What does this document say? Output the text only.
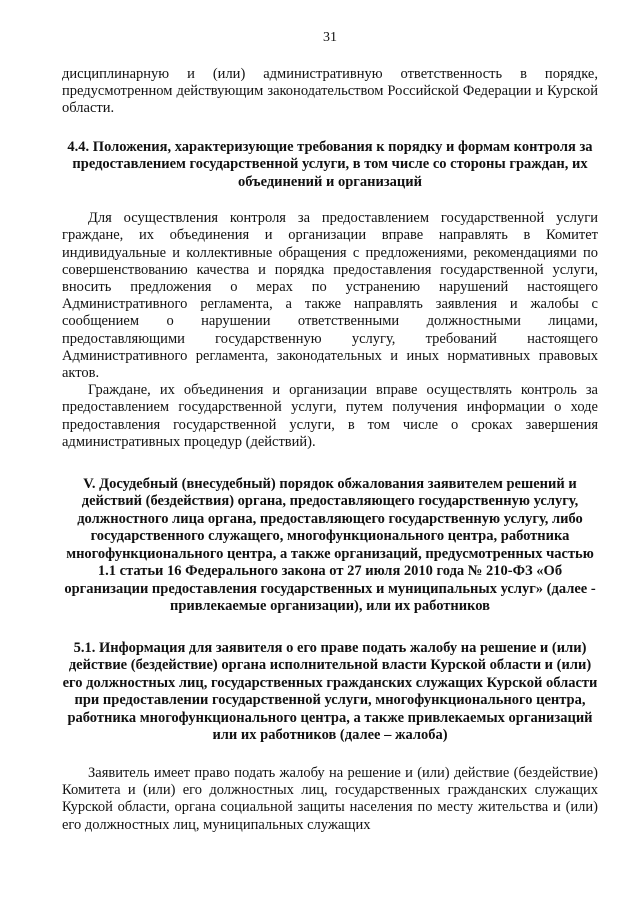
31

дисциплинарную и (или) административную ответственность в порядке, предусмотренном действующим законодательством Российской Федерации и Курской области.

4.4. Положения, характеризующие требования к порядку и формам контроля за предоставлением государственной услуги, в том числе со стороны граждан, их объединений и организаций

Для осуществления контроля за предоставлением государственной услуги граждане, их объединения и организации вправе направлять в Комитет индивидуальные и коллективные обращения с предложениями, рекомендациями по совершенствованию качества и порядка предоставления государственной услуги, вносить предложения о мерах по устранению нарушений настоящего Административного регламента, а также направлять заявления и жалобы с сообщением о нарушении ответственными должностными лицами, предоставляющими государственную услугу, требований настоящего Административного регламента, законодательных и иных нормативных правовых актов.

Граждане, их объединения и организации вправе осуществлять контроль за предоставлением государственной услуги, путем получения информации о ходе предоставления государственной услуги, в том числе о сроках завершения административных процедур (действий).

V. Досудебный (внесудебный) порядок обжалования заявителем решений и действий (бездействия) органа, предоставляющего государственную услугу, должностного лица органа, предоставляющего государственную услугу, либо государственного служащего, многофункционального центра, работника многофункционального центра, а также организаций, предусмотренных частью 1.1 статьи 16 Федерального закона от 27 июля 2010 года № 210-ФЗ «Об организации предоставления государственных и муниципальных услуг» (далее - привлекаемые организации), или их работников

5.1. Информация для заявителя о его праве подать жалобу на решение и (или) действие (бездействие) органа исполнительной власти Курской области и (или) его должностных лиц, государственных гражданских служащих Курской области при предоставлении государственной услуги, многофункционального центра, работника многофункционального центра, а также привлекаемых организаций или их работников (далее – жалоба)

Заявитель имеет право подать жалобу на решение и (или) действие (бездействие) Комитета и (или) его должностных лиц, государственных гражданских служащих Курской области, органа социальной защиты населения по месту жительства и (или) его должностных лиц, муниципальных служащих
